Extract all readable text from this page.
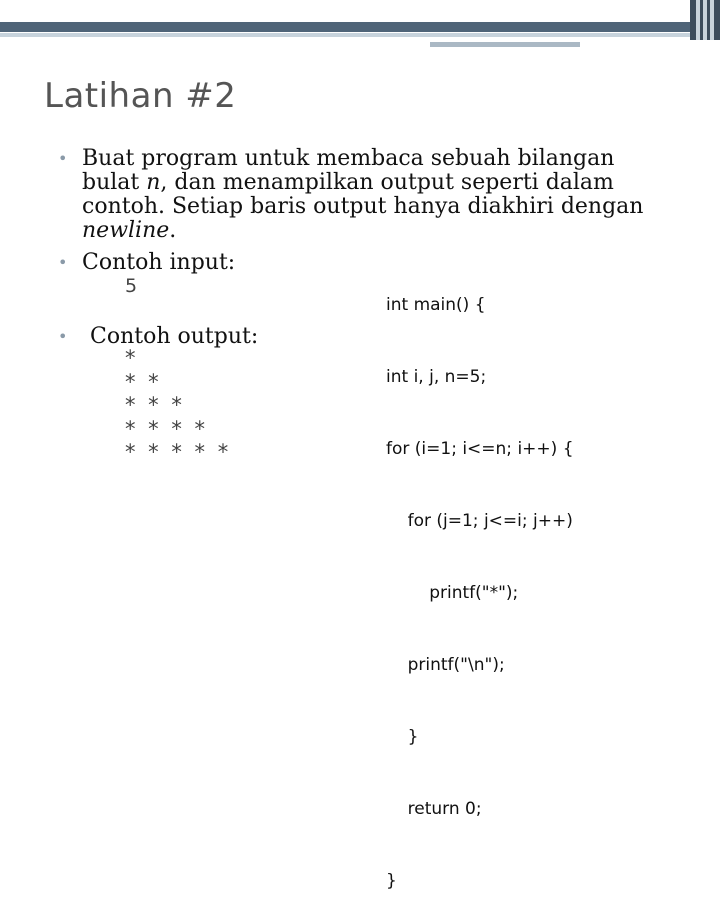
Latihan #2
• Buat program untuk membaca sebuah bilangan bulat n, dan menampilkan output seperti dalam contoh. Setiap baris output hanya diakhiri dengan newline.
• Contoh input:
5
• Contoh output:
*
* *
* * *
* * * *
* * * * *

int main() {

int i, j, n=5;

for (i=1; i<=n; i++) {

for (j=1; j<=i; j++)

printf("*");

printf("\n");

}

return 0;

}
